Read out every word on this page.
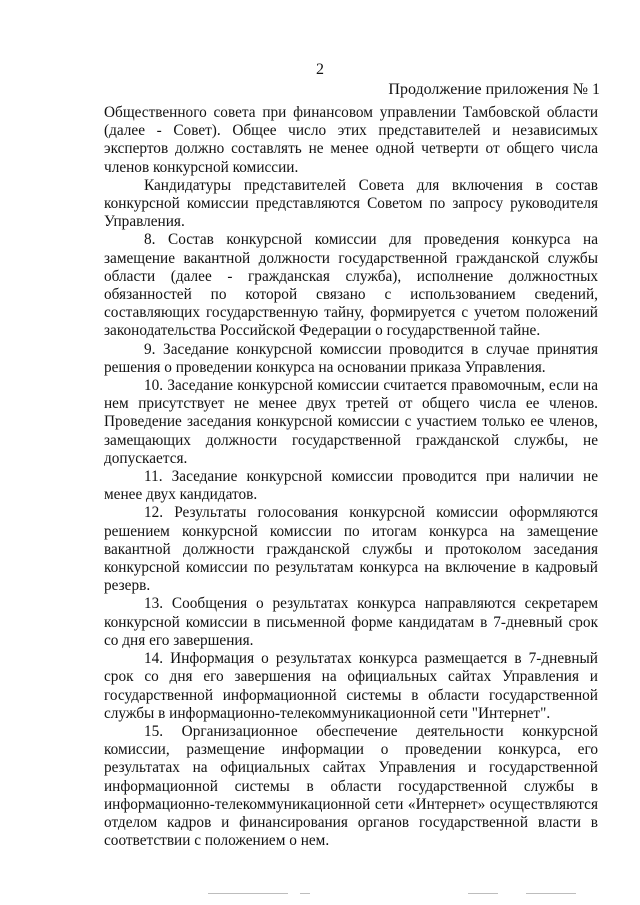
2
Продолжение приложения № 1

Общественного совета при финансовом управлении Тамбовской области (далее - Совет). Общее число этих представителей и независимых экспертов должно составлять не менее одной четверти от общего числа членов конкурсной комиссии.

Кандидатуры представителей Совета для включения в состав конкурсной комиссии представляются Советом по запросу руководителя Управления.

8. Состав конкурсной комиссии для проведения конкурса на замещение вакантной должности государственной гражданской службы области (далее - гражданская служба), исполнение должностных обязанностей по которой связано с использованием сведений, составляющих государственную тайну, формируется с учетом положений законодательства Российской Федерации о государственной тайне.

9. Заседание конкурсной комиссии проводится в случае принятия решения о проведении конкурса на основании приказа Управления.

10. Заседание конкурсной комиссии считается правомочным, если на нем присутствует не менее двух третей от общего числа ее членов. Проведение заседания конкурсной комиссии с участием только ее членов, замещающих должности государственной гражданской службы, не допускается.

11. Заседание конкурсной комиссии проводится при наличии не менее двух кандидатов.

12. Результаты голосования конкурсной комиссии оформляются решением конкурсной комиссии по итогам конкурса на замещение вакантной должности гражданской службы и протоколом заседания конкурсной комиссии по результатам конкурса на включение в кадровый резерв.

13. Сообщения о результатах конкурса направляются секретарем конкурсной комиссии в письменной форме кандидатам в 7-дневный срок со дня его завершения.

14. Информация о результатах конкурса размещается в 7-дневный срок со дня его завершения на официальных сайтах Управления и государственной информационной системы в области государственной службы в информационно-телекоммуникационной сети "Интернет".

15. Организационное обеспечение деятельности конкурсной комиссии, размещение информации о проведении конкурса, его результатах на официальных сайтах Управления и государственной информационной системы в области государственной службы в информационно-телекоммуникационной сети «Интернет» осуществляются отделом кадров и финансирования органов государственной власти в соответствии с положением о нем.
